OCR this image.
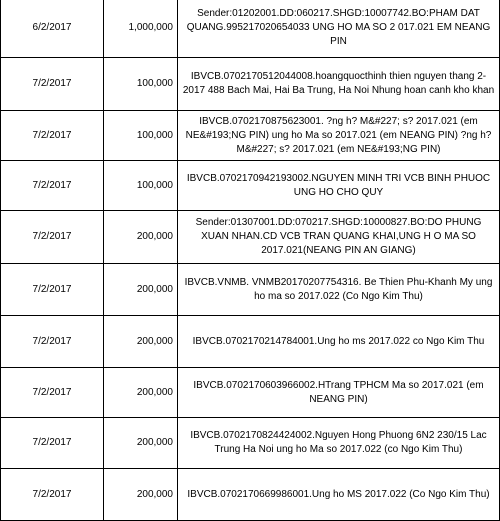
6/2/2017	1,000,000	Sender:01202001.DD:060217.SHGD:10007742.BO:PHAM DAT QUANG.995217020654033 UNG HO MA SO 2 017.021 EM NEANG PIN
7/2/2017	100,000	IBVCB.0702170512044008.hoangquocthinh thien nguyen thang 2-2017 488 Bach Mai, Hai Ba Trung, Ha Noi Nhung hoan canh kho khan
7/2/2017	100,000	IBVCB.0702170875623001. ?ng h? M&#227; s? 2017.021 (em NE&#193;NG PIN) ung ho Ma so 2017.021 (em NEANG PIN) ?ng h? M&#227; s? 2017.021 (em NE&#193;NG PIN)
7/2/2017	100,000	IBVCB.0702170942193002.NGUYEN MINH TRI VCB BINH PHUOC UNG HO CHO QUY
7/2/2017	200,000	Sender:01307001.DD:070217.SHGD:10000827.BO:DO PHUNG XUAN NHAN.CD VCB TRAN QUANG KHAI,UNG H O MA SO 2017.021(NEANG PIN AN GIANG)
7/2/2017	200,000	IBVCB.VNMB. VNMB20170207754316. Be Thien Phu-Khanh My ung ho ma so 2017.022 (Co Ngo Kim Thu)
7/2/2017	200,000	IBVCB.0702170214784001.Ung ho ms 2017.022 co Ngo Kim Thu
7/2/2017	200,000	IBVCB.0702170603966002.HTrang TPHCM Ma so 2017.021 (em NEANG PIN)
7/2/2017	200,000	IBVCB.0702170824424002.Nguyen Hong Phuong 6N2 230/15 Lac Trung Ha Noi ung ho Ma so 2017.022 (co Ngo Kim Thu)
7/2/2017	200,000	IBVCB.0702170669986001.Ung ho MS 2017.022 (Co Ngo Kim Thu)
